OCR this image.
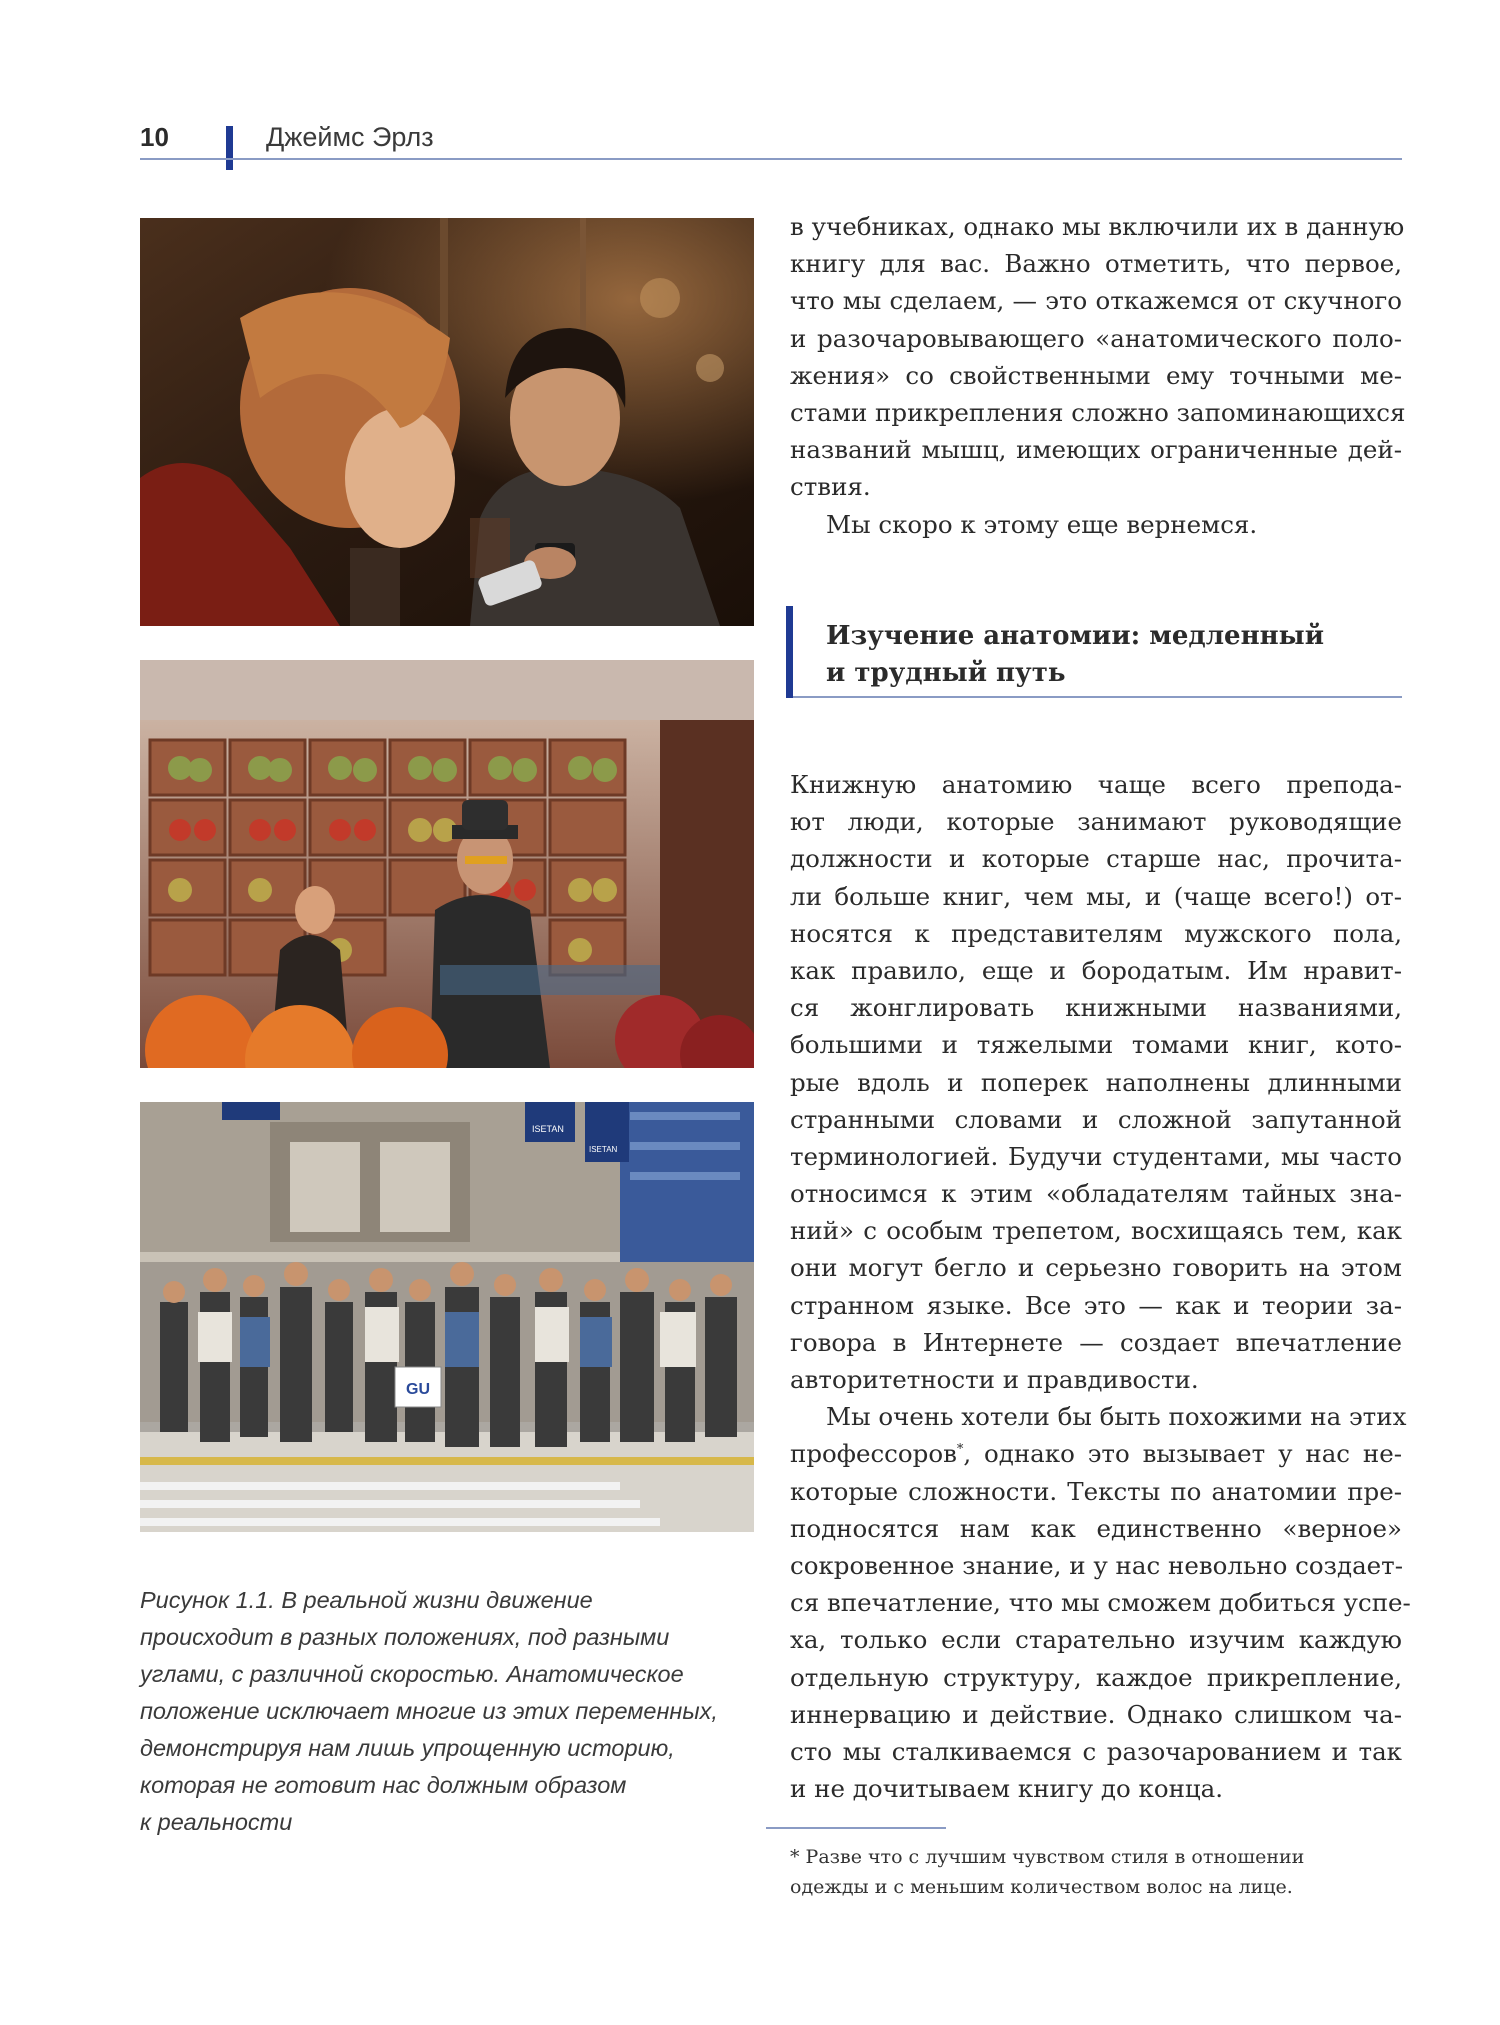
10	Джеймс Эрлз
ISETAN
ISETAN
GU
Рисунок 1.1. В реальной жизни движение
происходит в разных положениях, под разными
углами, с различной скоростью. Анатомическое
положение исключает многие из этих переменных,
демонстрируя нам лишь упрощенную историю,
которая не готовит нас должным образом
к реальности
в учебниках, однако мы включили их в данную
книгу для вас. Важно отметить, что первое,
что мы сделаем, — это откажемся от скучного
и разочаровывающего «анатомического поло-
жения» со свойственными ему точными ме-
стами прикрепления сложно запоминающихся
названий мышц, имеющих ограниченные дей-
ствия.
Мы скоро к этому еще вернемся.
Изучение анатомии: медленный
и трудный путь
Книжную анатомию чаще всего препода-
ют люди, которые занимают руководящие
должности и которые старше нас, прочита-
ли больше книг, чем мы, и (чаще всего!) от-
носятся к представителям мужского пола,
как правило, еще и бородатым. Им нравит-
ся жонглировать книжными названиями,
большими и тяжелыми томами книг, кото-
рые вдоль и поперек наполнены длинными
странными словами и сложной запутанной
терминологией. Будучи студентами, мы часто
относимся к этим «обладателям тайных зна-
ний» с особым трепетом, восхищаясь тем, как
они могут бегло и серьезно говорить на этом
странном языке. Все это — как и теории за-
говора в Интернете — создает впечатление
авторитетности и правдивости.
Мы очень хотели бы быть похожими на этих
профессоров*, однако это вызывает у нас не-
которые сложности. Тексты по анатомии пре-
подносятся нам как единственно «верное»
сокровенное знание, и у нас невольно создает-
ся впечатление, что мы сможем добиться успе-
ха, только если старательно изучим каждую
отдельную структуру, каждое прикрепление,
иннервацию и действие. Однако слишком ча-
сто мы сталкиваемся с разочарованием и так
и не дочитываем книгу до конца.
* Разве что с лучшим чувством стиля в отношении
одежды и с меньшим количеством волос на лице.
